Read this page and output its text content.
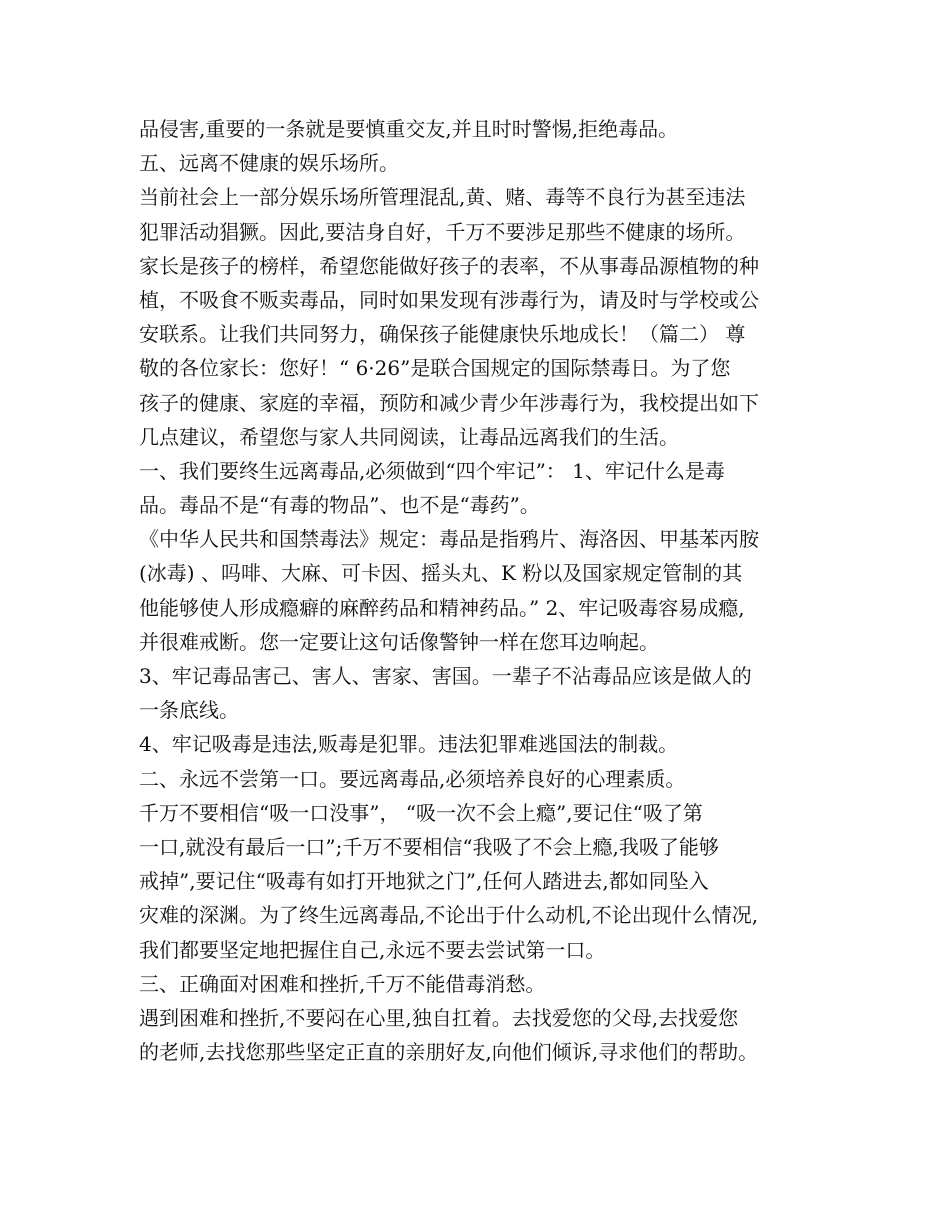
品侵害,重要的一条就是要慎重交友,并且时时警惕,拒绝毒品。
五、远离不健康的娱乐场所。
当前社会上一部分娱乐场所管理混乱,黄、赌、毒等不良行为甚至违法
犯罪活动猖獗。因此,要洁身自好，千万不要涉足那些不健康的场所。
家长是孩子的榜样，希望您能做好孩子的表率，不从事毒品源植物的种
植，不吸食不贩卖毒品，同时如果发现有涉毒行为，请及时与学校或公
安联系。让我们共同努力，确保孩子能健康快乐地成长！（篇二） 尊
敬的各位家长：您好！“ 6·26”是联合国规定的国际禁毒日。为了您
孩子的健康、家庭的幸福，预防和减少青少年涉毒行为，我校提出如下
几点建议，希望您与家人共同阅读，让毒品远离我们的生活。
一、我们要终生远离毒品,必须做到“四个牢记”： 1、牢记什么是毒
品。毒品不是“有毒的物品”、也不是“毒药”。
《中华人民共和国禁毒法》规定：毒品是指鸦片、海洛因、甲基苯丙胺
(冰毒) 、吗啡、大麻、可卡因、摇头丸、K 粉以及国家规定管制的其
他能够使人形成瘾癖的麻醉药品和精神药品。” 2、牢记吸毒容易成瘾,
并很难戒断。您一定要让这句话像警钟一样在您耳边响起。
3、牢记毒品害己、害人、害家、害国。一辈子不沾毒品应该是做人的
一条底线。
4、牢记吸毒是违法,贩毒是犯罪。违法犯罪难逃国法的制裁。
二、永远不尝第一口。要远离毒品,必须培养良好的心理素质。
千万不要相信“吸一口没事”， “吸一次不会上瘾”,要记住“吸了第
一口,就没有最后一口”;千万不要相信“我吸了不会上瘾,我吸了能够
戒掉”,要记住“吸毒有如打开地狱之门”,任何人踏进去,都如同坠入
灾难的深渊。为了终生远离毒品,不论出于什么动机,不论出现什么情况,
我们都要坚定地把握住自己,永远不要去尝试第一口。
三、正确面对困难和挫折,千万不能借毒消愁。
遇到困难和挫折,不要闷在心里,独自扛着。去找爱您的父母,去找爱您
的老师,去找您那些坚定正直的亲朋好友,向他们倾诉,寻求他们的帮助。
